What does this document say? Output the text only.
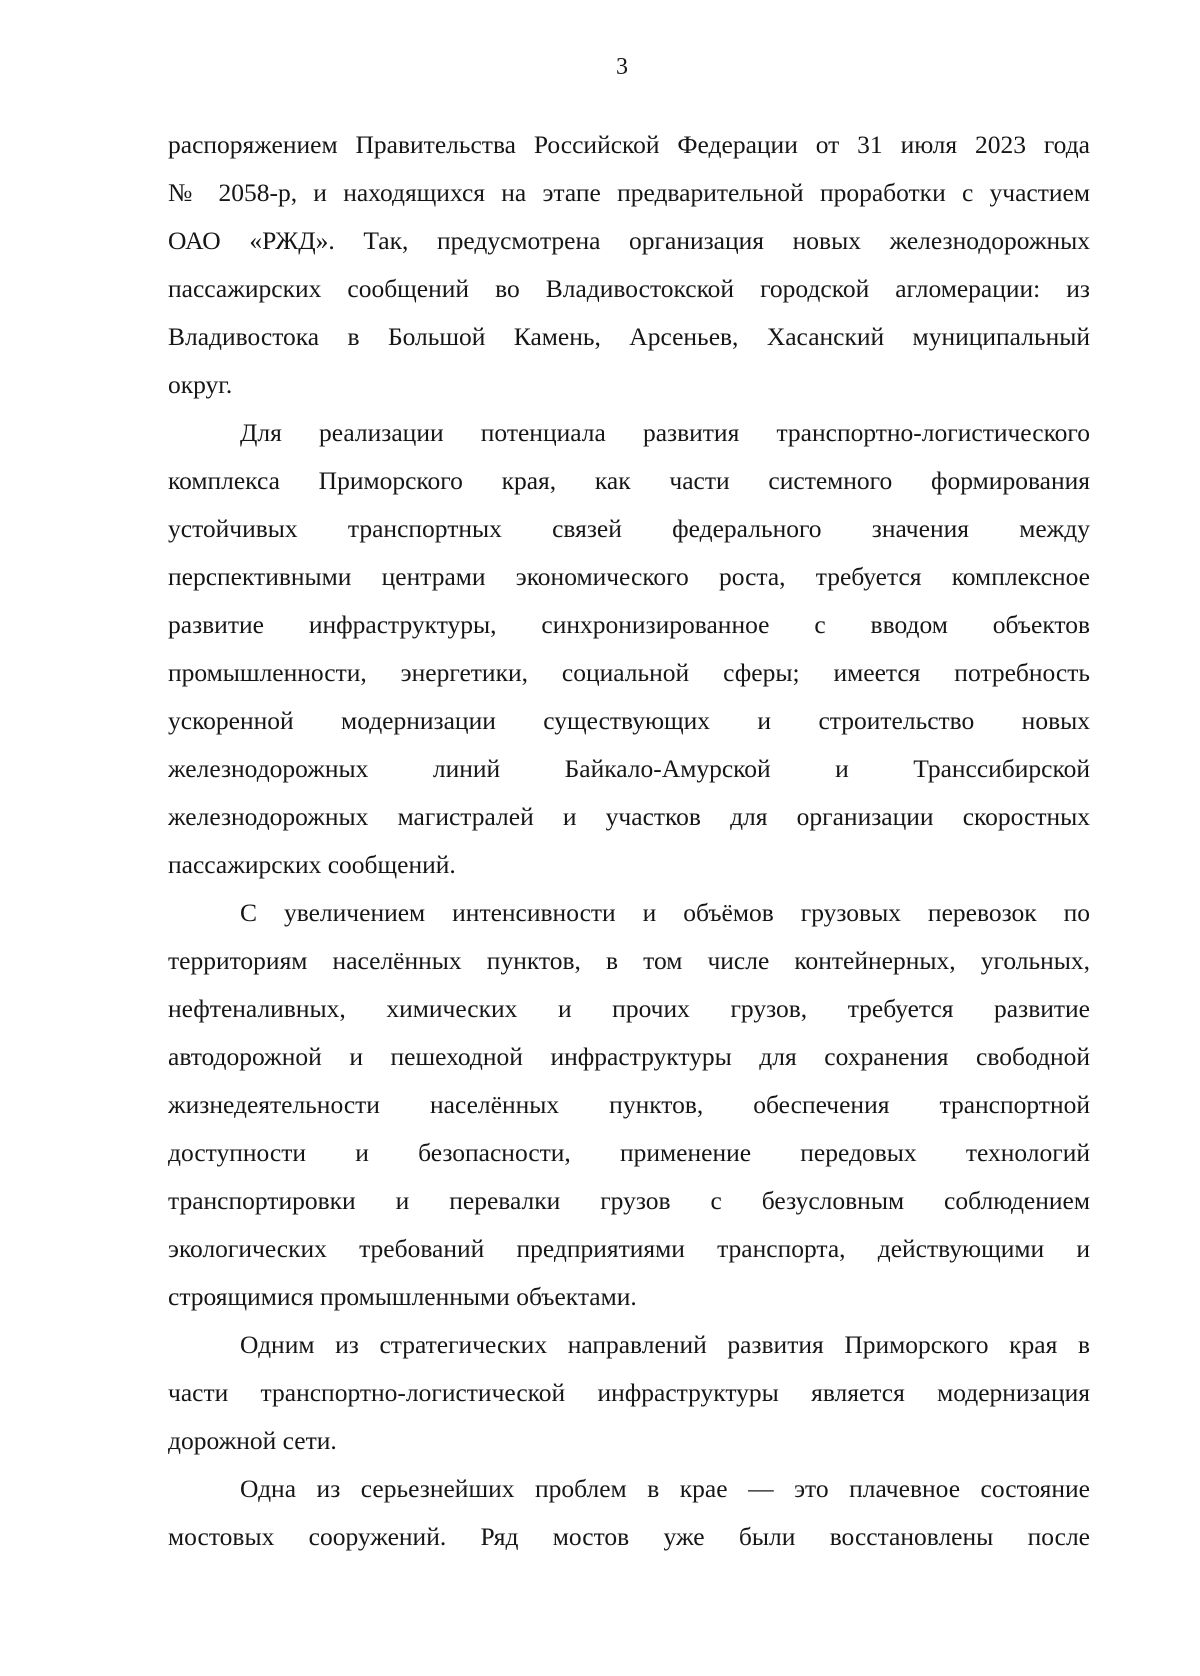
3
распоряжением Правительства Российской Федерации от 31 июля 2023 года
№ 2058-р, и находящихся на этапе предварительной проработки с участием
ОАО «РЖД». Так, предусмотрена организация новых железнодорожных
пассажирских сообщений во Владивостокской городской агломерации: из
Владивостока в Большой Камень, Арсеньев, Хасанский муниципальный
округ.
Для реализации потенциала развития транспортно-логистического
комплекса Приморского края, как части системного формирования
устойчивых транспортных связей федерального значения между
перспективными центрами экономического роста, требуется комплексное
развитие инфраструктуры, синхронизированное с вводом объектов
промышленности, энергетики, социальной сферы; имеется потребность
ускоренной модернизации существующих и строительство новых
железнодорожных линий Байкало-Амурской и Транссибирской
железнодорожных магистралей и участков для организации скоростных
пассажирских сообщений.
С увеличением интенсивности и объёмов грузовых перевозок по
территориям населённых пунктов, в том числе контейнерных, угольных,
нефтеналивных, химических и прочих грузов, требуется развитие
автодорожной и пешеходной инфраструктуры для сохранения свободной
жизнедеятельности населённых пунктов, обеспечения транспортной
доступности и безопасности, применение передовых технологий
транспортировки и перевалки грузов с безусловным соблюдением
экологических требований предприятиями транспорта, действующими и
строящимися промышленными объектами.
Одним из стратегических направлений развития Приморского края в
части транспортно-логистической инфраструктуры является модернизация
дорожной сети.
Одна из серьезнейших проблем в крае — это плачевное состояние
мостовых сооружений. Ряд мостов уже были восстановлены после
